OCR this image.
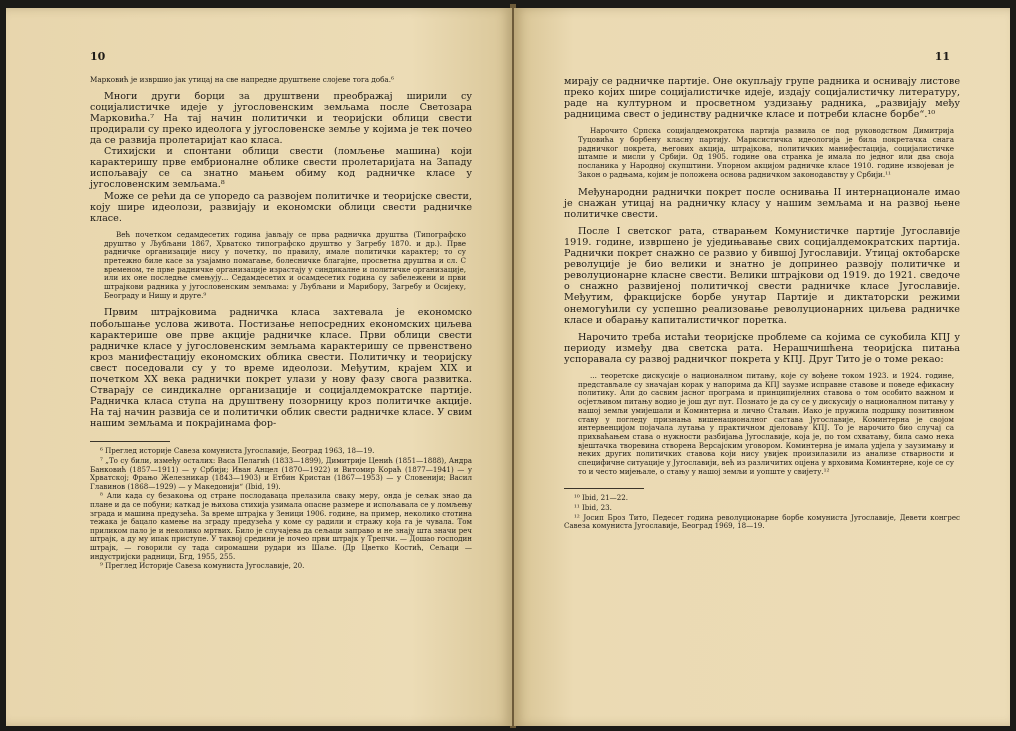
10

Марковић је извршио јак утицај на све напредне друштвене слојеве тога доба.⁶

Многи други борци за друштвени преображај ширили су социјалистичке идеје у југословенским земљама после Светозара Марковића.⁷ На тај начин политички и теоријски облици свести продирали су преко идеолога у југословенске земље у којима је тек почео да се развија пролетаријат као класа.

Стихијски и спонтани облици свести (ломљење машина) који карактеришу прве ембрионалне облике свести пролетаријата на Западу испољавају се са знатно мањем обиму код радничке класе у југословенским земљама.⁸

Може се рећи да се упоредо са развојем политичке и теоријске свести, коју шире идеолози, развијају и економски облици свести радничке класе.

Већ почетком седамдесетих година јављају се прва радничка друштва (Типографско друштво у Љубљани 1867, Хрватско типографско друштво у Загребу 1870. и др.). Прве радничке организације нису у почетку, по правилу, имале политички карактер; то су претежно биле касе за узајамно помагање, болесничке благајне, просветна друштва и сл. С временом, те прве радничке организације израстају у синдикалне и политичке организације, или их оне последње смењују... Седамдесетих и осамдесетих година су забележени и први штрајкови радника у југословенским земљама: у Љубљани и Марибору, Загребу и Осијеку, Београду и Нишу и друге.⁹

Првим штрајковима радничка класа захтевала је економско побољшање услова живота. Постизање непосредних економских циљева карактерише ове прве акције радничке класе. Први облици свести радничке класе у југословенским земљама карактеришу се првенствено кроз манифестацију економских облика свести. Политичку и теоријску свест поседовали су у то време идеолози. Међутим, крајем XIX и почетком XX века раднички покрет улази у нову фазу свога развитка. Стварају се синдикалне организације и социјалдемократске партије. Радничка класа ступа на друштвену позорницу кроз политичке акције. На тај начин развија се и политички облик свести радничке класе. У свим нашим земљама и покрајинама фор-

⁶ Преглед историје Савеза комуниста Југославије, Београд 1963, 18—19.

⁷ „То су били, између осталих: Васа Пелагић (1833—1899), Димитрије Ценић (1851—1888), Андра Банковић (1857—1911) — у Србији; Иван Анцел (1870—1922) и Витомир Кораћ (1877—1941) — у Хрватској; Фрањо Железникар (1843—1903) и Етбин Кристан (1867—1953) — у Словенији; Васил Главинов (1868—1929) — у Македонији“ (Ibid, 19).

⁸ Али када су безакоња од стране послодаваца прелазила сваку меру, онда је сељак знао да плане и да се побуни; каткад је њихова стихија узимала опасне размере и испољавала се у ломљењу зграда и машина предузећа. За време штрајка у Зеници 1906. године, на пример, неколико стотина тежака је бацало камење на зграду предузећа у коме су радили и стражу која га је чувала. Том приликом пало је и неколико мртвих. Било је случајева да сељаци заправо и не знају шта значи реч штрајк, а ду му ипак приступе. У таквој средини је почео први штрајк у Трепчи. — Дошао господин штрајк, — говорили су тада сиромашни рудари из Шаље. (Др Цветко Костић, Сељаци — индустријски радници, Бгд, 1955, 255.

⁹ Преглед Историје Савеза комуниста Југославије, 20.

11

мирају се радничке партије. Оне окупљају групе радника и оснивају листове преко којих шире социјалистичке идеје, издају социјалистичку литературу, раде на културном и просветном уздизању радника, „развијају међу радницима свест о јединству радничке класе и потреби класне борбе“.¹⁰

Нарочито Српска социјалдемократска партија развила се под руководством Димитрија Туцовића у борбену класну партију. Марксистичка идеологија је била покретачка снага радничког покрета, његових акција, штрајкова, политичких манифестација, социјалистичке штампе и мисли у Србији. Од 1905. године ова странка је имала по једног или два своја посланика у Народној скупштини. Упорном акцијом радничке класе 1910. године извојеван је Закон о радњама, којим је положена основа радничком законодавству у Србији.¹¹

Међународни раднички покрет после оснивања II интернационале имао је снажан утицај на радничку класу у нашим земљама и на развој њене политичке свести.

После I светског рата, стварањем Комунистичке партије Југославије 1919. године, извршено је уједињавање свих социјалдемократских партија. Раднички покрет снажно се развио у бившој Југославији. Утицај октобарске револуције је био велики и знатно је допринео развоју политичке и револуционарне класне свести. Велики штрајкови од 1919. до 1921. сведоче о снажно развијеној политичкој свести радничке класе Југославије. Међутим, фракцијске борбе унутар Партије и диктаторски режими онемогућили су успешно реализовање револуционарних циљева радничке класе и обарању капиталистичког поретка.

Нарочито треба истаћи теоријске проблеме са којима се сукобила КПЈ у периоду између два светска рата. Нерашчишћена теоријска питања успоравала су развој радничког покрета у КПЈ. Друг Тито је о томе рекао:

... теоретске дискусије о националном питању, које су вођене током 1923. и 1924. године, представљале су значајан корак у напорима да КПЈ заузме исправне ставове и поведе ефикасну политику. Али до сасвим јасног програма и принципијелних ставова о том особито важном и осјетљивом питању водио је још дуг пут. Познато је да су се у дискусију о националном питању у нашој земљи умијешали и Коминтерна и лично Стаљин. Иако је пружила подршку позитивном ставу у погледу признања вишенационалног састава Југославије, Коминтерна је својом интервенцијом појачала лутања у практичном дјеловању КПЈ. То је нарочито био случај са прихваћањем става о нужности разбијања Југославије, која је, по том схватању, била само нека вјештачка творевина створена Версајским уговором. Коминтерна је имала удјела у заузимању и неких других политичких ставова који нису увијек произилазили из анализе стварности и специфичне ситуације у Југославији, већ из различитих оцјена у врховима Коминтерне, које се су то и често мијењале, о стању у нашој земљи и уопште у свијету.¹²

¹⁰ Ibid, 21—22.

¹¹ Ibid, 23.

¹² Јосип Броз Тито, Педесет година револуционарне борбе комуниста Југославије, Девети конгрес Савеза комуниста Југославије, Београд 1969, 18—19.
